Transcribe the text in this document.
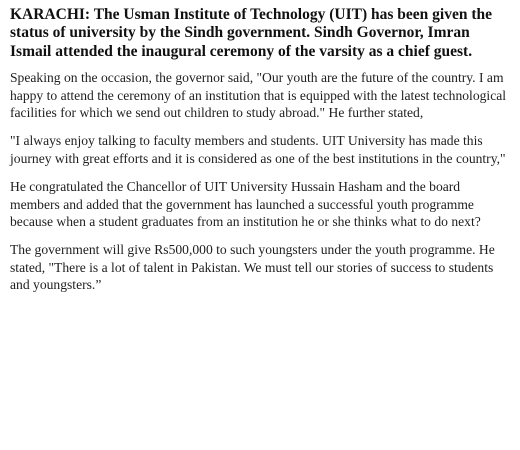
KARACHI: The Usman Institute of Technology (UIT) has been given the status of university by the Sindh government. Sindh Governor, Imran Ismail attended the inaugural ceremony of the varsity as a chief guest.

Speaking on the occasion, the governor said, "Our youth are the future of the country. I am happy to attend the ceremony of an institution that is equipped with the latest technological facilities for which we send out children to study abroad." He further stated,

"I always enjoy talking to faculty members and students. UIT University has made this journey with great efforts and it is considered as one of the best institutions in the country,"

He congratulated the Chancellor of UIT University Hussain Hasham and the board members and added that the government has launched a successful youth programme because when a student graduates from an institution he or she thinks what to do next?

The government will give Rs500,000 to such youngsters under the youth programme. He stated, "There is a lot of talent in Pakistan. We must tell our stories of success to students and youngsters.”
